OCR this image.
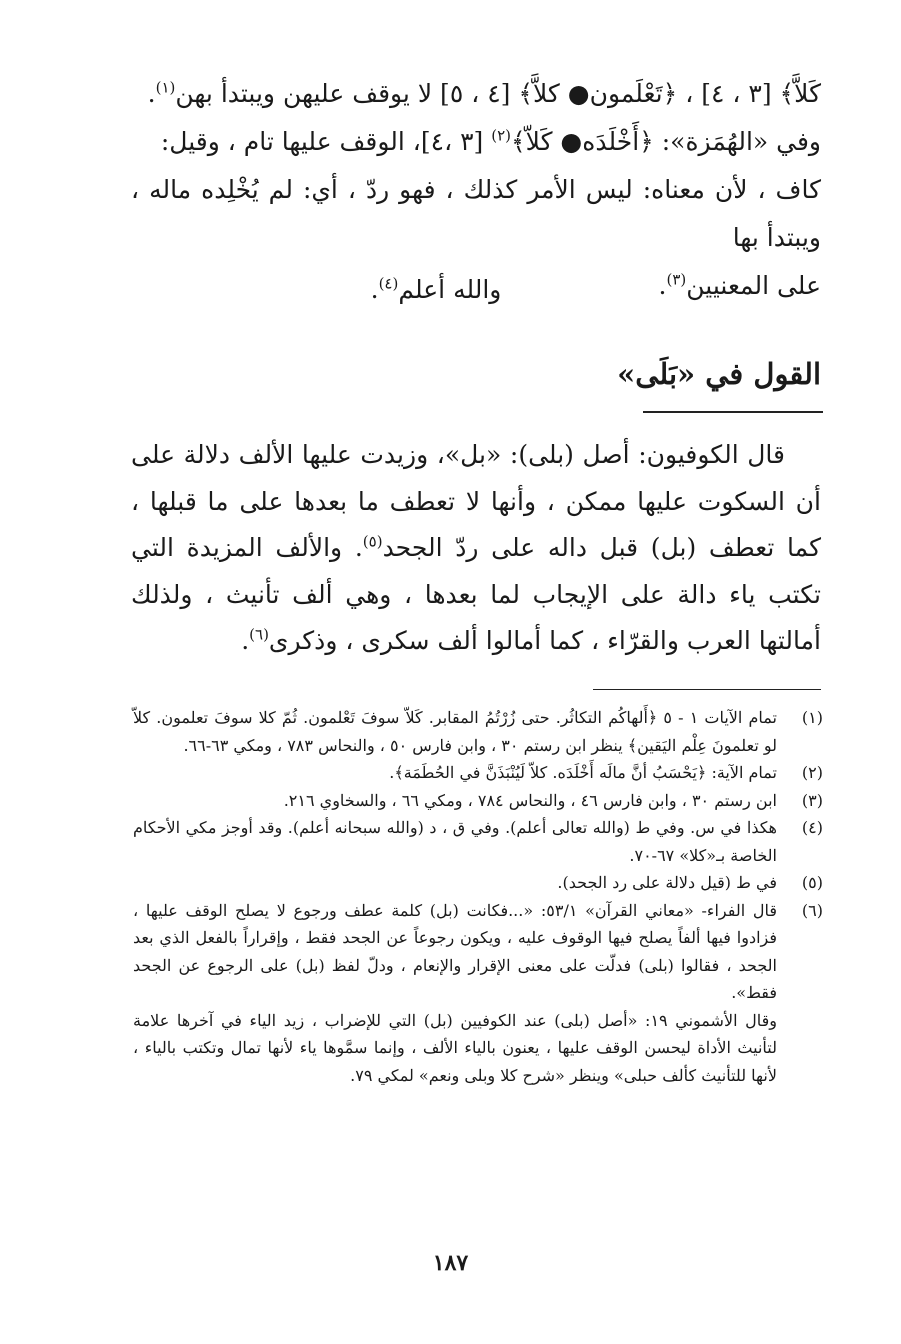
كَلاَّ﴾ [٣ ، ٤] ، ﴿تَعْلَمون● كلاَّ﴾ [٤ ، ٥] لا يوقف عليهن ويبتدأ بهن$^{(١)}$.

وفي «الهُمَزة»: ﴿أَخْلَدَه● كَلاّ﴾$^{(٢)}$ [٣ ،٤]، الوقف عليها تام ، وقيل:

كاف ، لأن معناه: ليس الأمر كذلك ، فهو ردّ ، أي: لم يُخْلِده ماله ، ويبتدأ بها

على المعنيين$^{(٣)}$.

والله أعلم$^{(٤)}$.
القول في «بَلَى»

قال الكوفيون: أصل (بلى): «بل»، وزيدت عليها الألف دلالة على أن السكوت عليها ممكن ، وأنها لا تعطف ما بعدها على ما قبلها ، كما تعطف (بل) قبل داله على ردّ الجحد$^{(٥)}$. والألف المزيدة التي تكتب ياء دالة على الإيجاب لما بعدها ، وهي ألف تأنيث ، ولذلك أمالتها العرب والقرّاء ، كما أمالوا ألف سكرى ، وذكرى$^{(٦)}$.

(١)
تمام الآيات ١ - ٥ ﴿أَلهاكُم التكاثُر. حتى زُرْتُمُ المقابر. كَلاّ سوفَ تَعْلمون. ثُمّ كلا سوفَ تعلمون. كلاّ لو تعلمونَ عِلْم اليَقين﴾ ينظر ابن رستم ٣٠ ، وابن فارس ٥٠ ، والنحاس ٧٨٣ ، ومكي ٦٣-٦٦.
(٢)
تمام الآية: ﴿يَحْسَبُ أنَّ مالَه أَخْلَدَه. كلاّ لَيُنْبَذَنَّ في الحُطَمَة﴾.
(٣)
ابن رستم ٣٠ ، وابن فارس ٤٦ ، والنحاس ٧٨٤ ، ومكي ٦٦ ، والسخاوي ٢١٦.
(٤)
هكذا في س. وفي ط (والله تعالى أعلم). وفي ق ، د (والله سبحانه أعلم). وقد أوجز مكي الأحكام الخاصة بـ«كلا» ٦٧-٧٠.
(٥)
في ط (قيل دلالة على رد الجحد).
(٦)
قال الفراء- «معاني القرآن» ٥٣/١: «...فكانت (بل) كلمة عطف ورجوع لا يصلح الوقف عليها ، فزادوا فيها ألفاً يصلح فيها الوقوف عليه ، ويكون رجوعاً عن الجحد فقط ، وإقراراً بالفعل الذي بعد الجحد ، فقالوا (بلى) فدلّت على معنى الإقرار والإنعام ، ودلّ لفظ (بل) على الرجوع عن الجحد فقط».
وقال الأشموني ١٩: «أصل (بلى) عند الكوفيين (بل) التي للإضراب ، زيد الياء في آخرها علامة لتأنيث الأداة ليحسن الوقف عليها ، يعنون بالياء الألف ، وإنما سمَّوها ياء لأنها تمال وتكتب بالياء ، لأنها للتأنيث كألف حبلى» وينظر «شرح كلا وبلى ونعم» لمكي ٧٩.
١٨٧
